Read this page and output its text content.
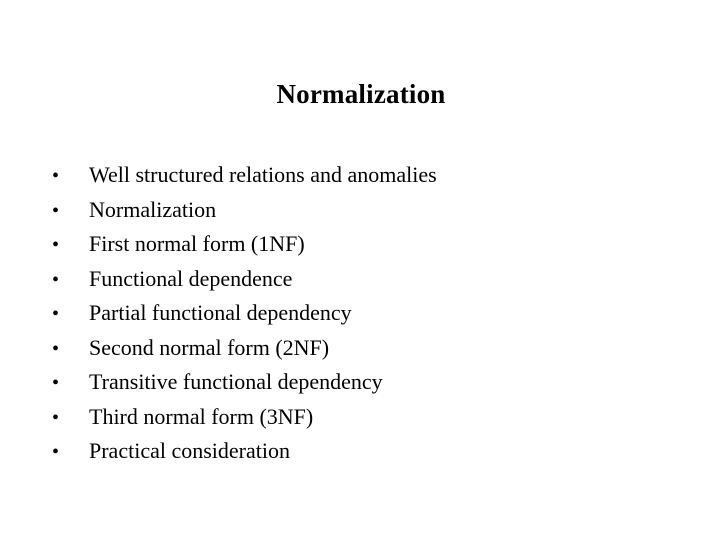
Normalization
•	Well structured relations and anomalies
•	Normalization
•	First normal form (1NF)
•	Functional dependence
•	Partial functional dependency
•	Second normal form (2NF)
•	Transitive functional dependency
•	Third normal form (3NF)
•	Practical consideration
